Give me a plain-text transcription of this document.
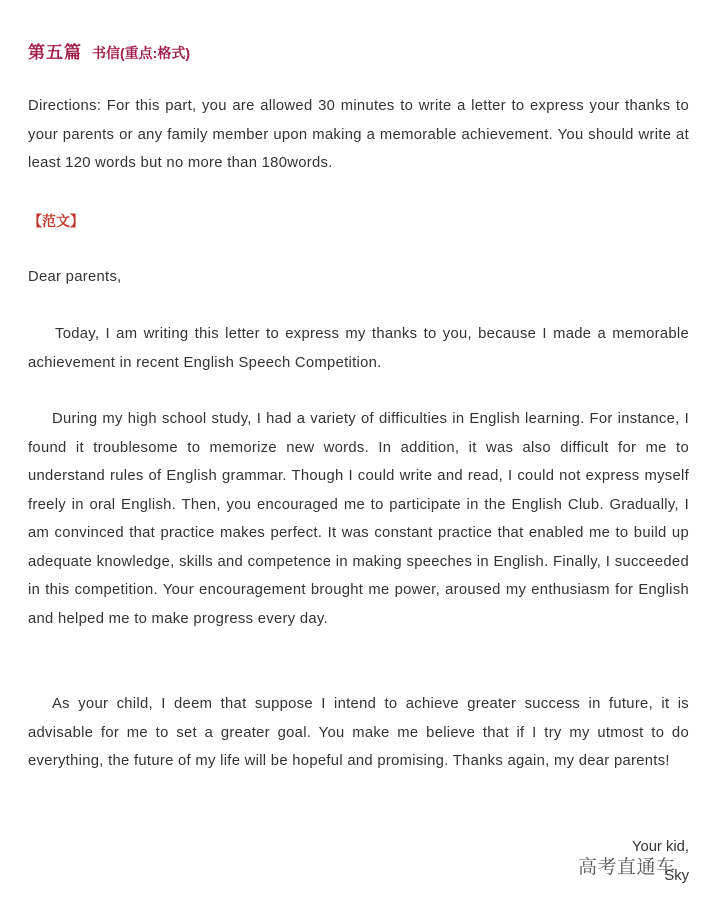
第五篇 书信(重点:格式)

Directions: For this part, you are allowed 30 minutes to write a letter to express your thanks to your parents or any family member upon making a memorable achievement. You should write at least 120 words but no more than 180words.

【范文】

Dear parents,

Today, I am writing this letter to express my thanks to you, because I made a memorable achievement in recent English Speech Competition.

During my high school study, I had a variety of difficulties in English learning. For instance, I found it troublesome to memorize new words. In addition, it was also difficult for me to understand rules of English grammar. Though I could write and read, I could not express myself freely in oral English. Then, you encouraged me to participate in the English Club. Gradually, I am convinced that practice makes perfect. It was constant practice that enabled me to build up adequate knowledge, skills and competence in making speeches in English. Finally, I succeeded in this competition. Your encouragement brought me power, aroused my enthusiasm for English and helped me to make progress every day.

As your child, I deem that suppose I intend to achieve greater success in future, it is advisable for me to set a greater goal. You make me believe that if I try my utmost to do everything, the future of my life will be hopeful and promising. Thanks again, my dear parents!

Your kid,
Sky
高考直通车
